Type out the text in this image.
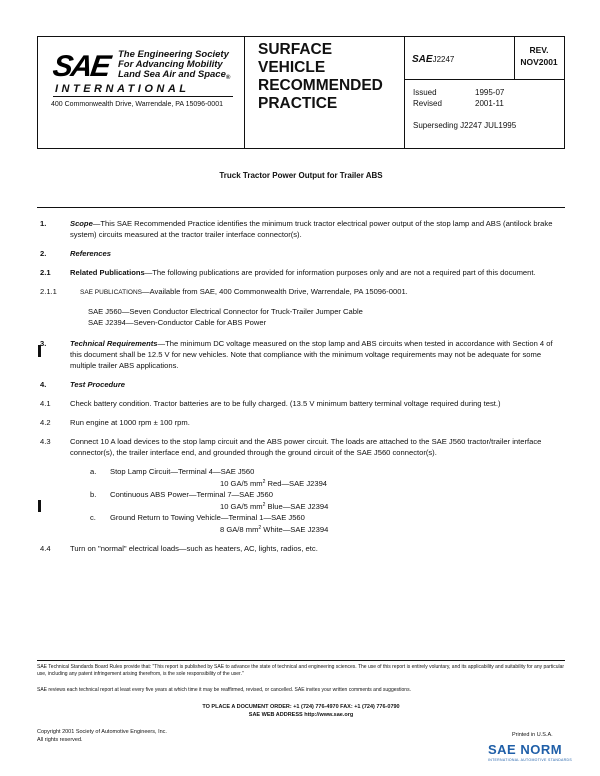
SAE The Engineering Society
For Advancing Mobility
Land Sea Air and Space$_®$
INTERNATIONAL
400 Commonwealth Drive, Warrendale, PA 15096-0001
SURFACE
VEHICLE
RECOMMENDED
PRACTICE
SAEJ2247
REV.
NOV2001
Issued	1995-07
Revised	2001-11
Superseding J2247 JUL1995
Truck Tractor Power Output for Trailer ABS
1.	Scope—This SAE Recommended Practice identifies the minimum truck tractor electrical power output of the stop lamp and ABS (antilock brake system) circuits measured at the tractor trailer interface connector(s).
2.	References
2.1	Related Publications—The following publications are provided for information purposes only and are not a required part of this document.
2.1.1	SAE PUBLICATIONS—Available from SAE, 400 Commonwealth Drive, Warrendale, PA 15096-0001.
SAE J560—Seven Conductor Electrical Connector for Truck-Trailer Jumper Cable
SAE J2394—Seven-Conductor Cable for ABS Power
3.	Technical Requirements—The minimum DC voltage measured on the stop lamp and ABS circuits when tested in accordance with Section 4 of this document shall be 12.5 V for new vehicles. Note that compliance with the minimum voltage requirements may not be adequate for some multiple trailer ABS applications.
4.	Test Procedure
4.1	Check battery condition. Tractor batteries are to be fully charged. (13.5 V minimum battery terminal voltage required during test.)
4.2	Run engine at 1000 rpm ± 100 rpm.
4.3	Connect 10 A load devices to the stop lamp circuit and the ABS power circuit. The loads are attached to the SAE J560 tractor/trailer interface connector(s), the trailer interface end, and grounded through the ground circuit of the SAE J560 connector(s).
a. Stop Lamp Circuit—Terminal 4—SAE J560
10 GA/5 $mm^2$ Red—SAE J2394
b. Continuous ABS Power—Terminal 7—SAE J560
10 GA/5 $mm^2$ Blue—SAE J2394
c. Ground Return to Towing Vehicle—Terminal 1—SAE J560
8 GA/8 $mm^2$ White—SAE J2394
4.4	Turn on "normal" electrical loads—such as heaters, AC, lights, radios, etc.
SAE Technical Standards Board Rules provide that: "This report is published by SAE to advance the state of technical and engineering sciences. The use of this report is entirely voluntary, and its applicability and suitability for any particular use, including any patent infringement arising therefrom, is the sole responsibility of the user."
SAE reviews each technical report at least every five years at which time it may be reaffirmed, revised, or cancelled. SAE invites your written comments and suggestions.
TO PLACE A DOCUMENT ORDER: +1 (724) 776-4970 FAX: +1 (724) 776-0790
SAE WEB ADDRESS http://www.sae.org
Copyright 2001 Society of Automotive Engineers, Inc.
All rights reserved.
Printed in U.S.A.
SAE NORM
INTERNATIONAL AUTOMOTIVE STANDARDS
